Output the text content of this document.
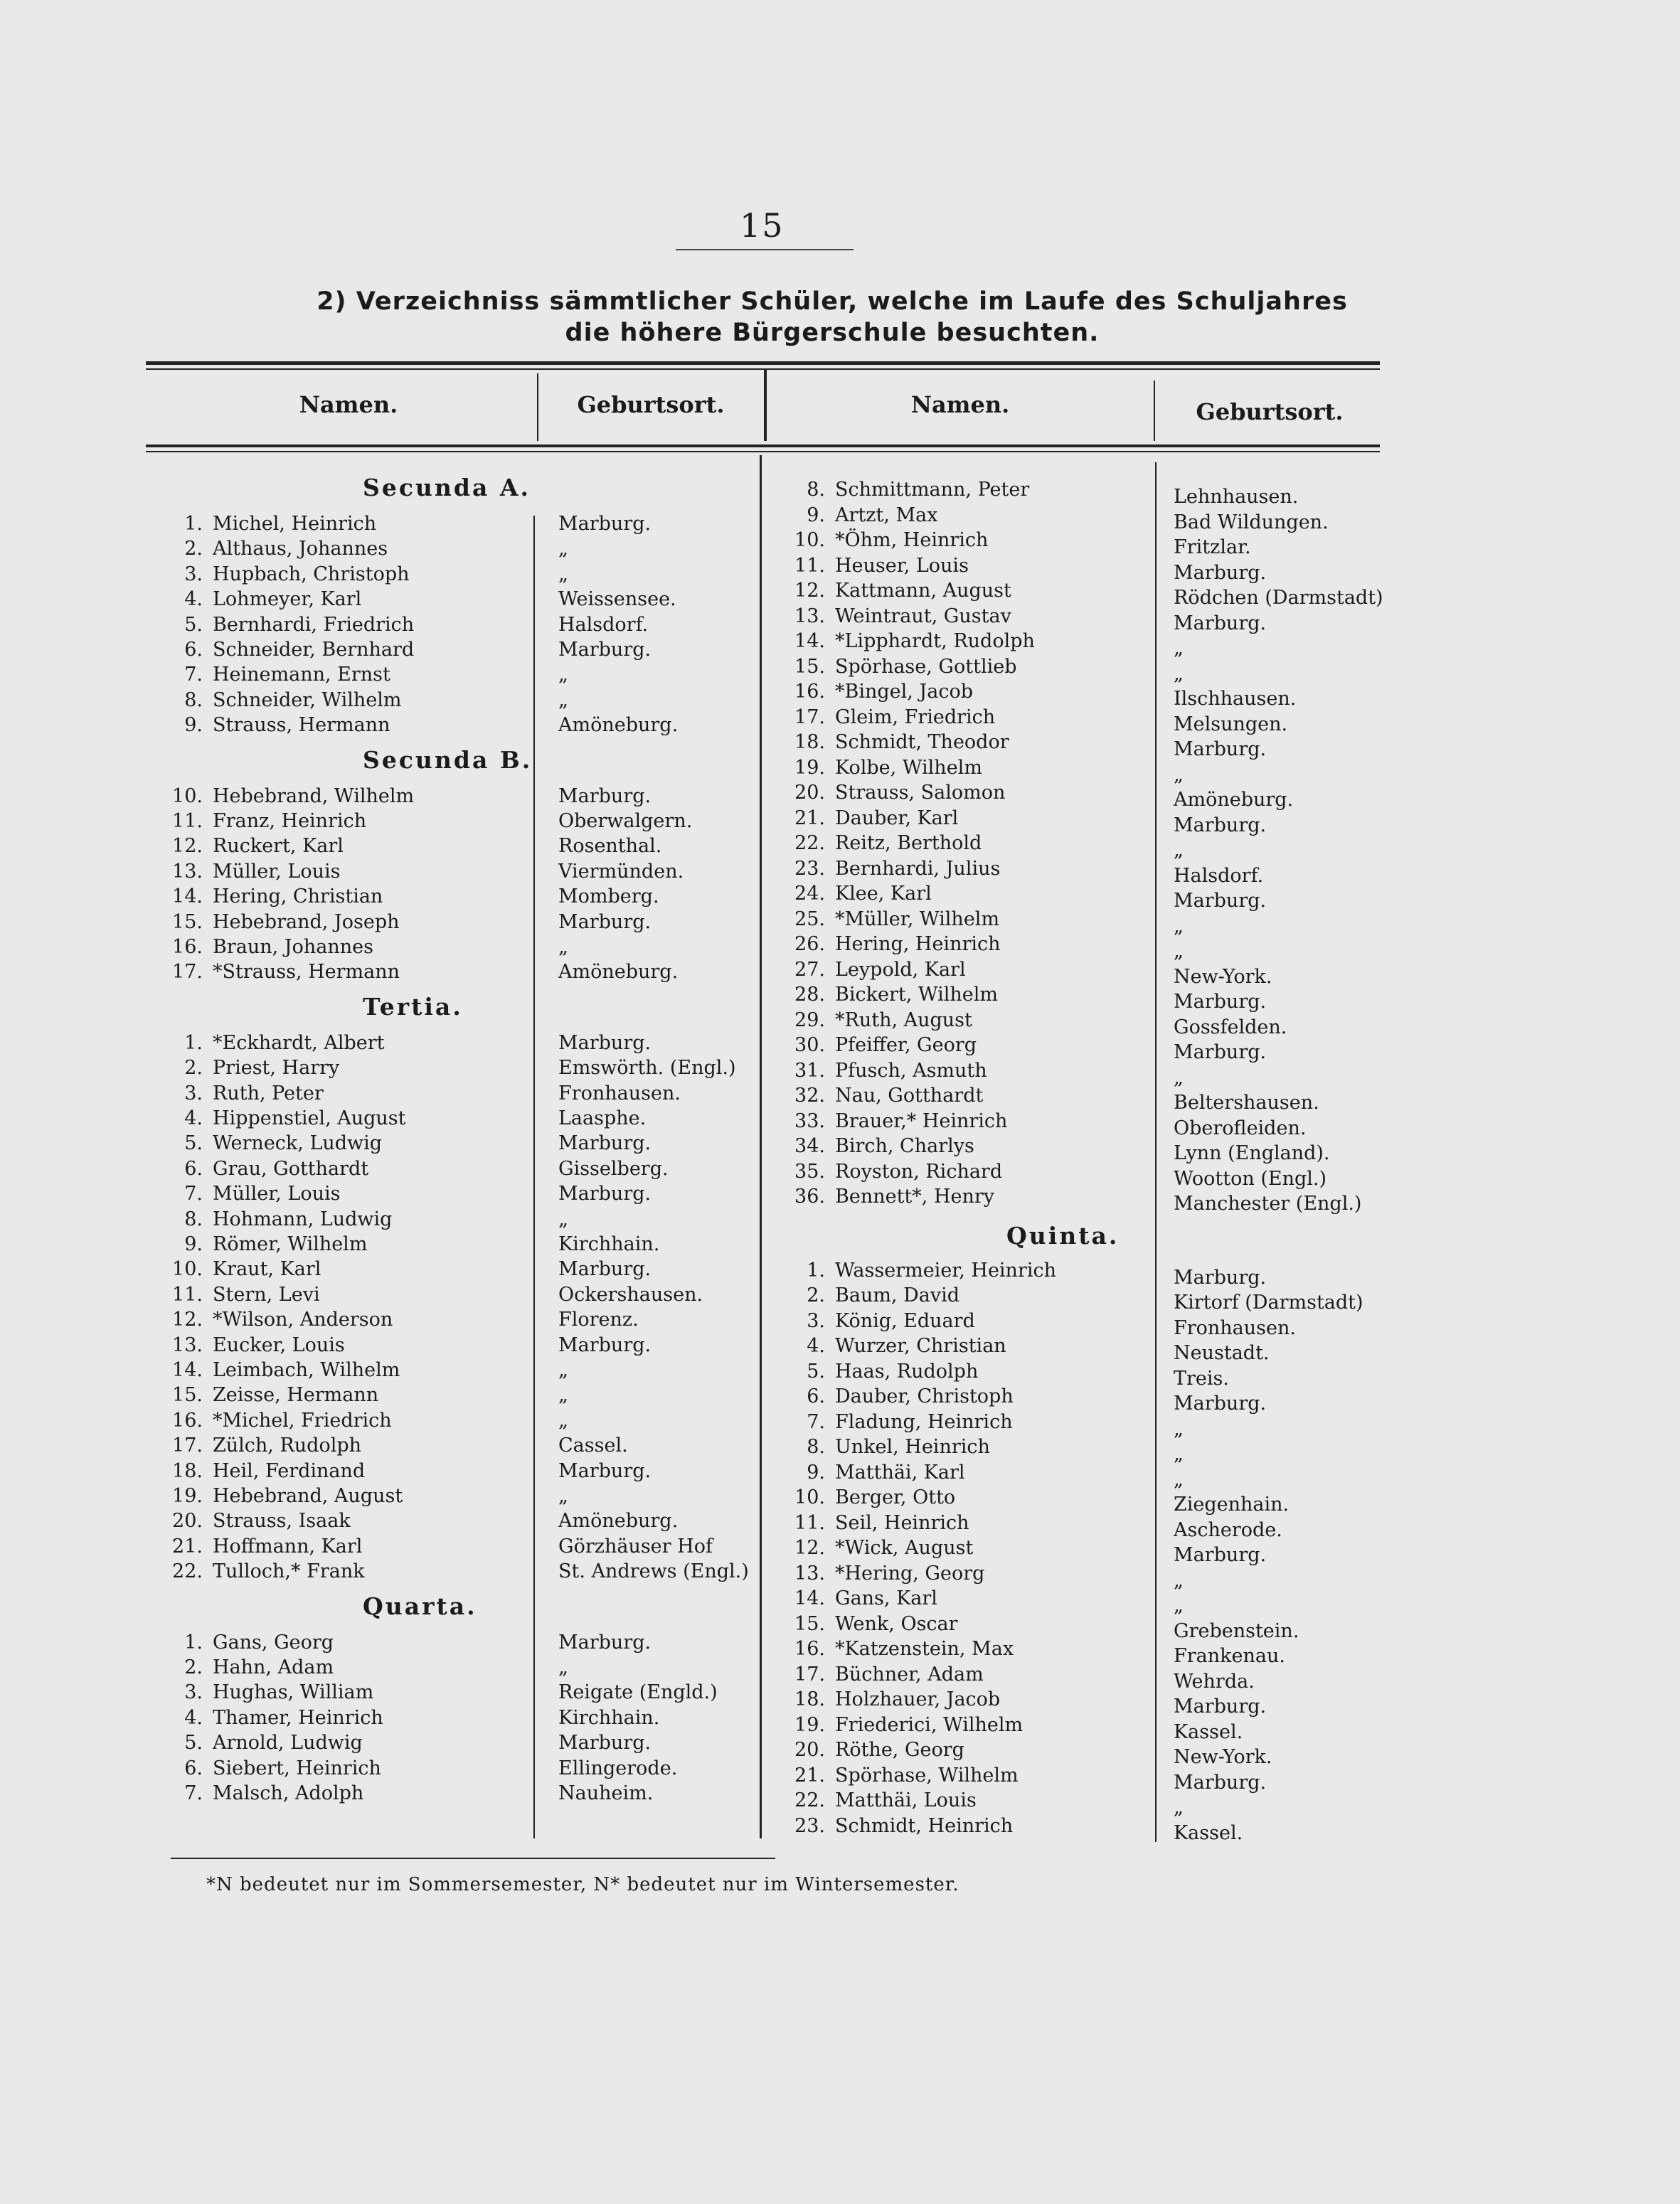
15
2) Verzeichniss sämmtlicher Schüler, welche im Laufe des Schuljahres
die höhere Bürgerschule besuchten.
Namen.	Geburtsort.	Namen.	Geburtsort.
Secunda A.
1. Michel, Heinrich	Marburg.
2. Althaus, Johannes	„
3. Hupbach, Christoph	„
4. Lohmeyer, Karl	Weissensee.
5. Bernhardi, Friedrich	Halsdorf.
6. Schneider, Bernhard	Marburg.
7. Heinemann, Ernst	„
8. Schneider, Wilhelm	„
9. Strauss, Hermann	Amöneburg.
Secunda B.
10. Hebebrand, Wilhelm	Marburg.
11. Franz, Heinrich	Oberwalgern.
12. Ruckert, Karl	Rosenthal.
13. Müller, Louis	Viermünden.
14. Hering, Christian	Momberg.
15. Hebebrand, Joseph	Marburg.
16. Braun, Johannes	„
17. *Strauss, Hermann	Amöneburg.
Tertia.
1. *Eckhardt, Albert	Marburg.
2. Priest, Harry	Emswörth. (Engl.)
3. Ruth, Peter	Fronhausen.
4. Hippenstiel, August	Laasphe.
5. Werneck, Ludwig	Marburg.
6. Grau, Gotthardt	Gisselberg.
7. Müller, Louis	Marburg.
8. Hohmann, Ludwig	„
9. Römer, Wilhelm	Kirchhain.
10. Kraut, Karl	Marburg.
11. Stern, Levi	Ockershausen.
12. *Wilson, Anderson	Florenz.
13. Eucker, Louis	Marburg.
14. Leimbach, Wilhelm	„
15. Zeisse, Hermann	„
16. *Michel, Friedrich	„
17. Zülch, Rudolph	Cassel.
18. Heil, Ferdinand	Marburg.
19. Hebebrand, August	„
20. Strauss, Isaak	Amöneburg.
21. Hoffmann, Karl	Görzhäuser Hof
22. Tulloch,* Frank	St. Andrews (Engl.)
Quarta.
1. Gans, Georg	Marburg.
2. Hahn, Adam	„
3. Hughas, William	Reigate (Engld.)
4. Thamer, Heinrich	Kirchhain.
5. Arnold, Ludwig	Marburg.
6. Siebert, Heinrich	Ellingerode.
7. Malsch, Adolph	Nauheim.
8. Schmittmann, Peter	Lehnhausen.
9. Artzt, Max	Bad Wildungen.
10. *Öhm, Heinrich	Fritzlar.
11. Heuser, Louis	Marburg.
12. Kattmann, August	Rödchen (Darmstadt)
13. Weintraut, Gustav	Marburg.
14. *Lipphardt, Rudolph	„
15. Spörhase, Gottlieb	„
16. *Bingel, Jacob	Ilschhausen.
17. Gleim, Friedrich	Melsungen.
18. Schmidt, Theodor	Marburg.
19. Kolbe, Wilhelm	„
20. Strauss, Salomon	Amöneburg.
21. Dauber, Karl	Marburg.
22. Reitz, Berthold	„
23. Bernhardi, Julius	Halsdorf.
24. Klee, Karl	Marburg.
25. *Müller, Wilhelm	„
26. Hering, Heinrich	„
27. Leypold, Karl	New-York.
28. Bickert, Wilhelm	Marburg.
29. *Ruth, August	Gossfelden.
30. Pfeiffer, Georg	Marburg.
31. Pfusch, Asmuth	„
32. Nau, Gotthardt	Beltershausen.
33. Brauer,* Heinrich	Oberofleiden.
34. Birch, Charlys	Lynn (England).
35. Royston, Richard	Wootton (Engl.)
36. Bennett*, Henry	Manchester (Engl.)
Quinta.
1. Wassermeier, Heinrich	Marburg.
2. Baum, David	Kirtorf (Darmstadt)
3. König, Eduard	Fronhausen.
4. Wurzer, Christian	Neustadt.
5. Haas, Rudolph	Treis.
6. Dauber, Christoph	Marburg.
7. Fladung, Heinrich	„
8. Unkel, Heinrich	„
9. Matthäi, Karl	„
10. Berger, Otto	Ziegenhain.
11. Seil, Heinrich	Ascherode.
12. *Wick, August	Marburg.
13. *Hering, Georg	„
14. Gans, Karl	„
15. Wenk, Oscar	Grebenstein.
16. *Katzenstein, Max	Frankenau.
17. Büchner, Adam	Wehrda.
18. Holzhauer, Jacob	Marburg.
19. Friederici, Wilhelm	Kassel.
20. Röthe, Georg	New-York.
21. Spörhase, Wilhelm	Marburg.
22. Matthäi, Louis	„
23. Schmidt, Heinrich	Kassel.
*N bedeutet nur im Sommersemester, N* bedeutet nur im Wintersemester.
